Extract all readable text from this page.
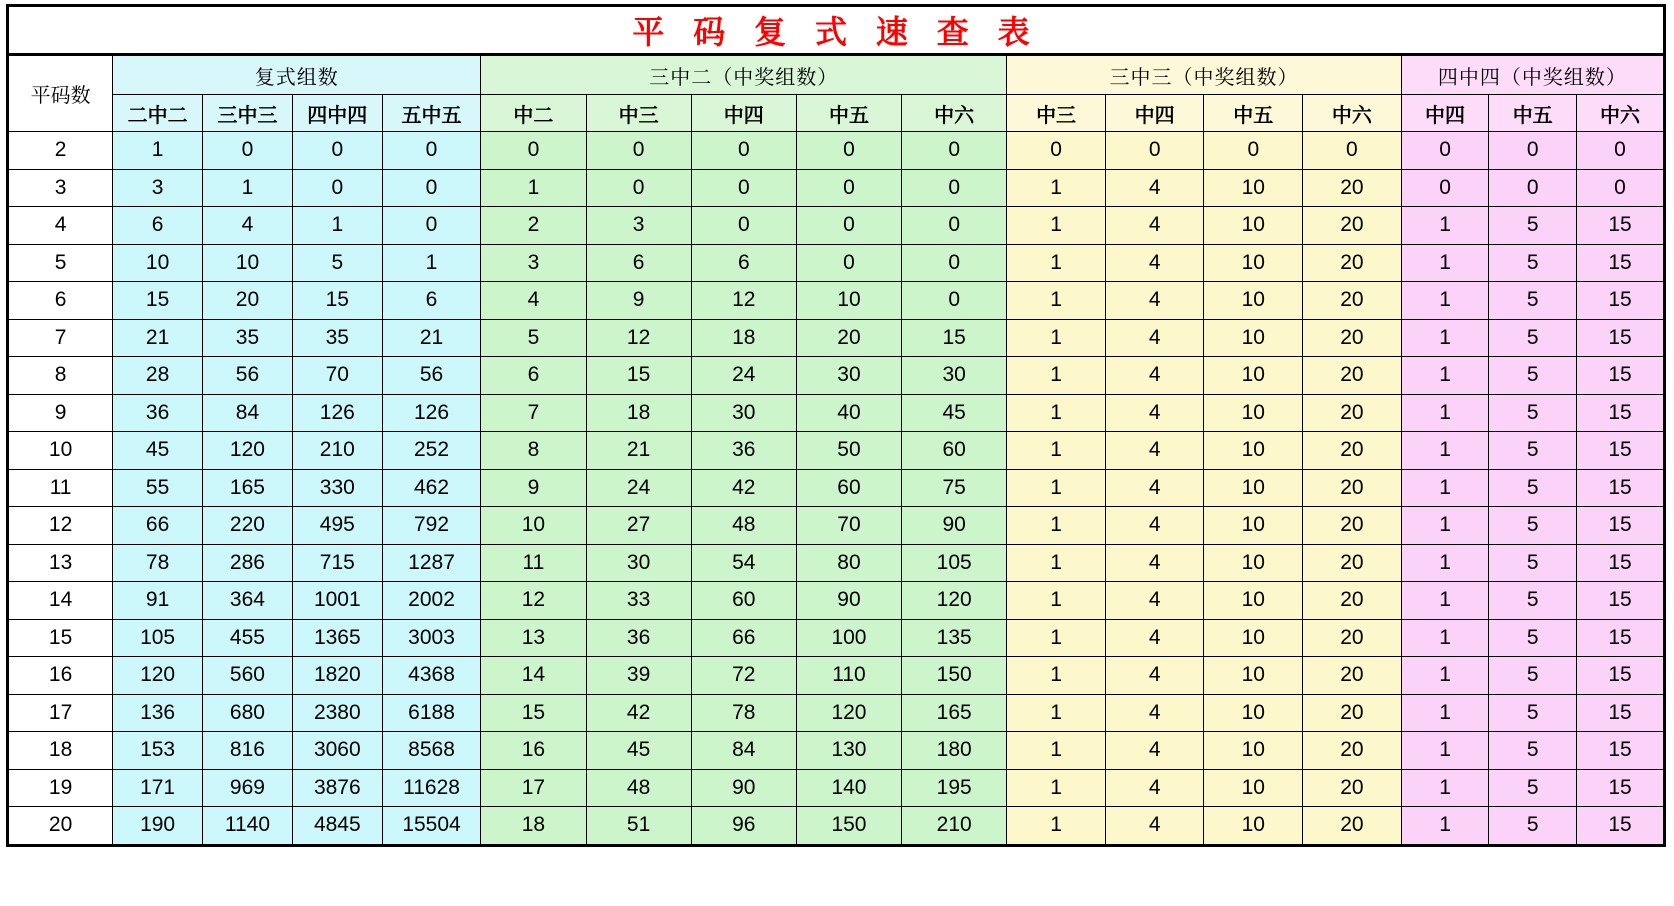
平 码 复 式 速 查 表																
平码数	复式组数				三中二（中奖组数）					三中三（中奖组数）				四中四（中奖组数）		
	二中二	三中三	四中四	五中五	中二	中三	中四	中五	中六	中三	中四	中五	中六	中四	中五	中六
2	1	0	0	0	0	0	0	0	0	0	0	0	0	0	0	0
3	3	1	0	0	1	0	0	0	0	1	4	10	20	0	0	0
4	6	4	1	0	2	3	0	0	0	1	4	10	20	1	5	15
5	10	10	5	1	3	6	6	0	0	1	4	10	20	1	5	15
6	15	20	15	6	4	9	12	10	0	1	4	10	20	1	5	15
7	21	35	35	21	5	12	18	20	15	1	4	10	20	1	5	15
8	28	56	70	56	6	15	24	30	30	1	4	10	20	1	5	15
9	36	84	126	126	7	18	30	40	45	1	4	10	20	1	5	15
10	45	120	210	252	8	21	36	50	60	1	4	10	20	1	5	15
11	55	165	330	462	9	24	42	60	75	1	4	10	20	1	5	15
12	66	220	495	792	10	27	48	70	90	1	4	10	20	1	5	15
13	78	286	715	1287	11	30	54	80	105	1	4	10	20	1	5	15
14	91	364	1001	2002	12	33	60	90	120	1	4	10	20	1	5	15
15	105	455	1365	3003	13	36	66	100	135	1	4	10	20	1	5	15
16	120	560	1820	4368	14	39	72	110	150	1	4	10	20	1	5	15
17	136	680	2380	6188	15	42	78	120	165	1	4	10	20	1	5	15
18	153	816	3060	8568	16	45	84	130	180	1	4	10	20	1	5	15
19	171	969	3876	11628	17	48	90	140	195	1	4	10	20	1	5	15
20	190	1140	4845	15504	18	51	96	150	210	1	4	10	20	1	5	15
